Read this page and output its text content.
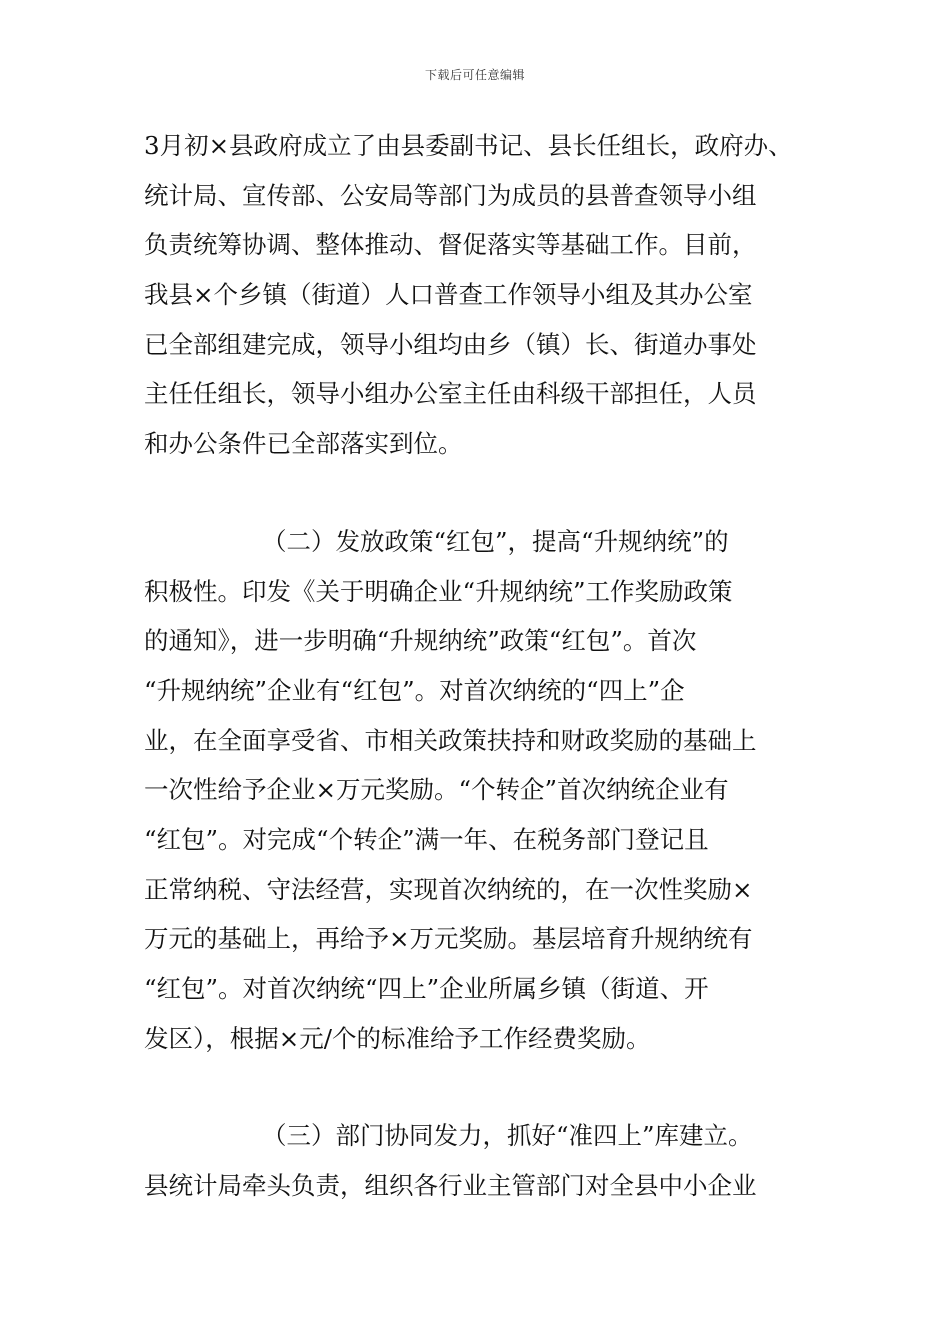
下载后可任意编辑
3月初×县政府成立了由县委副书记、县长任组长，政府办、
统计局、宣传部、公安局等部门为成员的县普查领导小组
负责统筹协调、整体推动、督促落实等基础工作。目前，
我县×个乡镇（街道）人口普查工作领导小组及其办公室
已全部组建完成，领导小组均由乡（镇）长、街道办事处
主任任组长，领导小组办公室主任由科级干部担任，人员
和办公条件已全部落实到位。
（二）发放政策“红包”，提高“升规纳统”的
积极性。印发《关于明确企业“升规纳统”工作奖励政策
的通知》，进一步明确“升规纳统”政策“红包”。首次
“升规纳统”企业有“红包”。对首次纳统的“四上”企
业，在全面享受省、市相关政策扶持和财政奖励的基础上
一次性给予企业×万元奖励。“个转企”首次纳统企业有
“红包”。对完成“个转企”满一年、在税务部门登记且
正常纳税、守法经营，实现首次纳统的，在一次性奖励×
万元的基础上，再给予×万元奖励。基层培育升规纳统有
“红包”。对首次纳统“四上”企业所属乡镇（街道、开
发区），根据×元/个的标准给予工作经费奖励。
（三）部门协同发力，抓好“准四上”库建立。
县统计局牵头负责，组织各行业主管部门对全县中小企业
